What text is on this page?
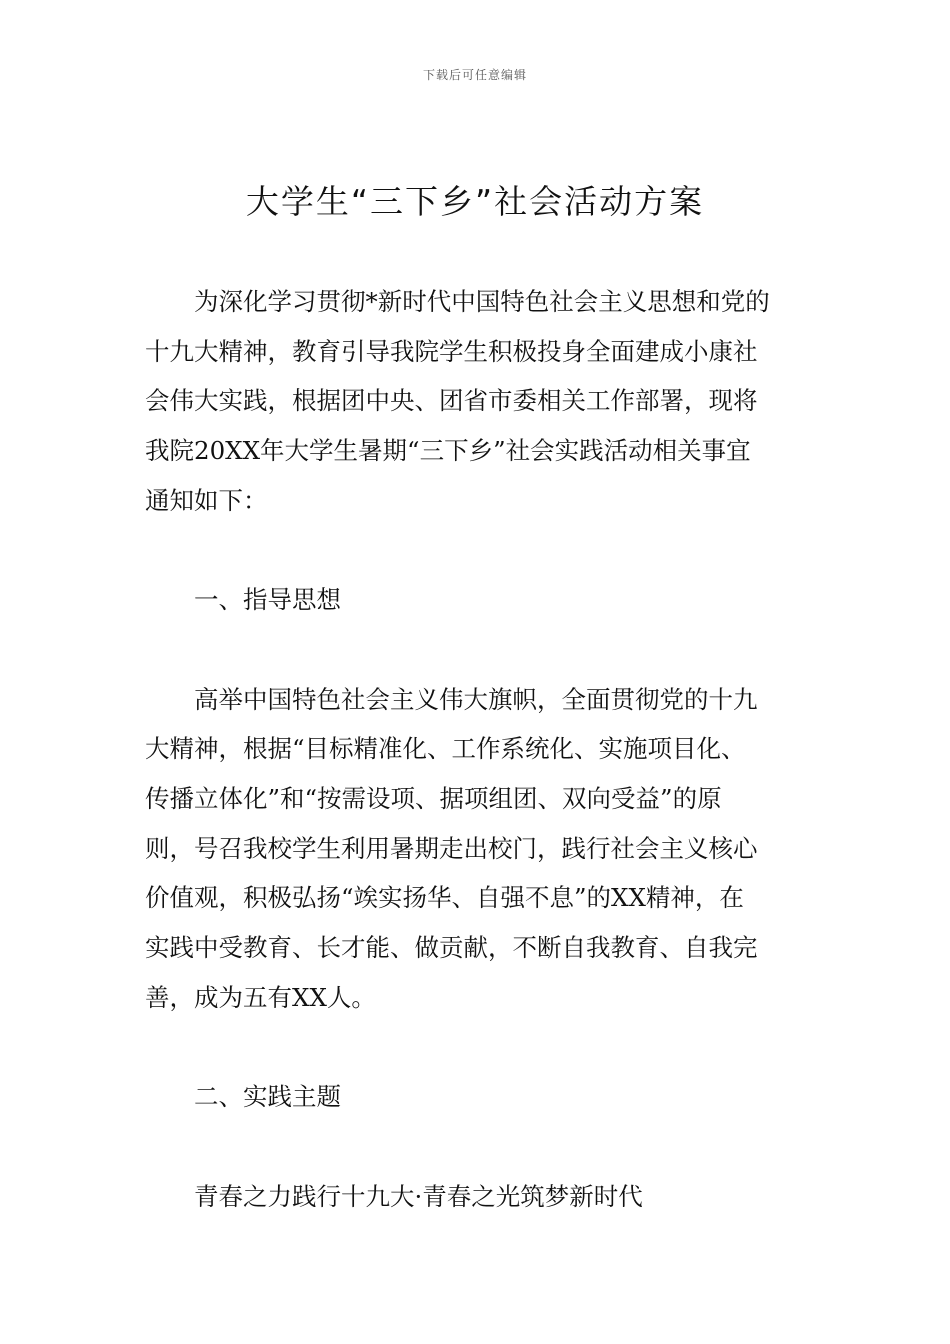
下载后可任意编辑
大学生“三下乡”社会活动方案
为深化学习贯彻*新时代中国特色社会主义思想和党的
十九大精神，教育引导我院学生积极投身全面建成小康社
会伟大实践，根据团中央、团省市委相关工作部署，现将
我院20XX年大学生暑期“三下乡”社会实践活动相关事宜
通知如下：
一、指导思想
高举中国特色社会主义伟大旗帜，全面贯彻党的十九
大精神，根据“目标精准化、工作系统化、实施项目化、
传播立体化”和“按需设项、据项组团、双向受益”的原
则，号召我校学生利用暑期走出校门，践行社会主义核心
价值观，积极弘扬“竢实扬华、自强不息”的XX精神，在
实践中受教育、长才能、做贡献，不断自我教育、自我完
善，成为五有XX人。
二、实践主题
青春之力践行十九大·青春之光筑梦新时代
